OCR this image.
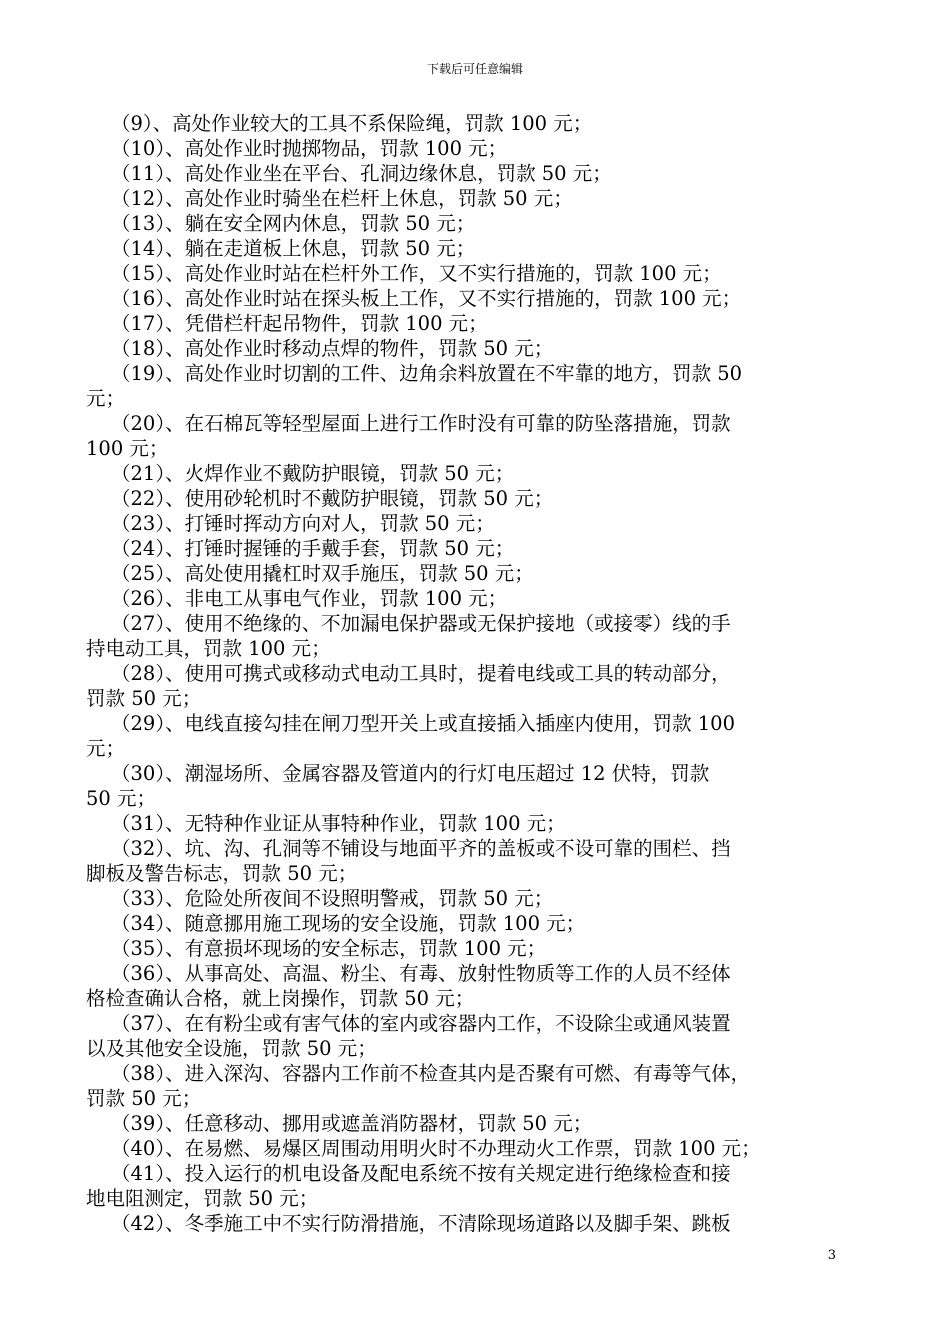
下载后可任意编辑
（9）、高处作业较大的工具不系保险绳，罚款 100 元；
（10）、高处作业时抛掷物品，罚款 100 元；
（11）、高处作业坐在平台、孔洞边缘休息，罚款 50 元；
（12）、高处作业时骑坐在栏杆上休息，罚款 50 元；
（13）、躺在安全网内休息，罚款 50 元；
（14）、躺在走道板上休息，罚款 50 元；
（15）、高处作业时站在栏杆外工作，又不实行措施的，罚款 100 元；
（16）、高处作业时站在探头板上工作，又不实行措施的，罚款 100 元；
（17）、凭借栏杆起吊物件，罚款 100 元；
（18）、高处作业时移动点焊的物件，罚款 50 元；
（19）、高处作业时切割的工件、边角余料放置在不牢靠的地方，罚款 50
元；
（20）、在石棉瓦等轻型屋面上进行工作时没有可靠的防坠落措施，罚款
100 元；
（21）、火焊作业不戴防护眼镜，罚款 50 元；
（22）、使用砂轮机时不戴防护眼镜，罚款 50 元；
（23）、打锤时挥动方向对人，罚款 50 元；
（24）、打锤时握锤的手戴手套，罚款 50 元；
（25）、高处使用撬杠时双手施压，罚款 50 元；
（26）、非电工从事电气作业，罚款 100 元；
（27）、使用不绝缘的、不加漏电保护器或无保护接地（或接零）线的手
持电动工具，罚款 100 元；
（28）、使用可携式或移动式电动工具时，提着电线或工具的转动部分，
罚款 50 元；
（29）、电线直接勾挂在闸刀型开关上或直接插入插座内使用，罚款 100
元；
（30）、潮湿场所、金属容器及管道内的行灯电压超过 12 伏特，罚款
50 元；
（31）、无特种作业证从事特种作业，罚款 100 元；
（32）、坑、沟、孔洞等不铺设与地面平齐的盖板或不设可靠的围栏、挡
脚板及警告标志，罚款 50 元；
（33）、危险处所夜间不设照明警戒，罚款 50 元；
（34）、随意挪用施工现场的安全设施，罚款 100 元；
（35）、有意损坏现场的安全标志，罚款 100 元；
（36）、从事高处、高温、粉尘、有毒、放射性物质等工作的人员不经体
格检查确认合格，就上岗操作，罚款 50 元；
（37）、在有粉尘或有害气体的室内或容器内工作，不设除尘或通风装置
以及其他安全设施，罚款 50 元；
（38）、进入深沟、容器内工作前不检查其内是否聚有可燃、有毒等气体，
罚款 50 元；
（39）、任意移动、挪用或遮盖消防器材，罚款 50 元；
（40）、在易燃、易爆区周围动用明火时不办理动火工作票，罚款 100 元；
（41）、投入运行的机电设备及配电系统不按有关规定进行绝缘检查和接
地电阻测定，罚款 50 元；
（42）、冬季施工中不实行防滑措施，不清除现场道路以及脚手架、跳板
3
